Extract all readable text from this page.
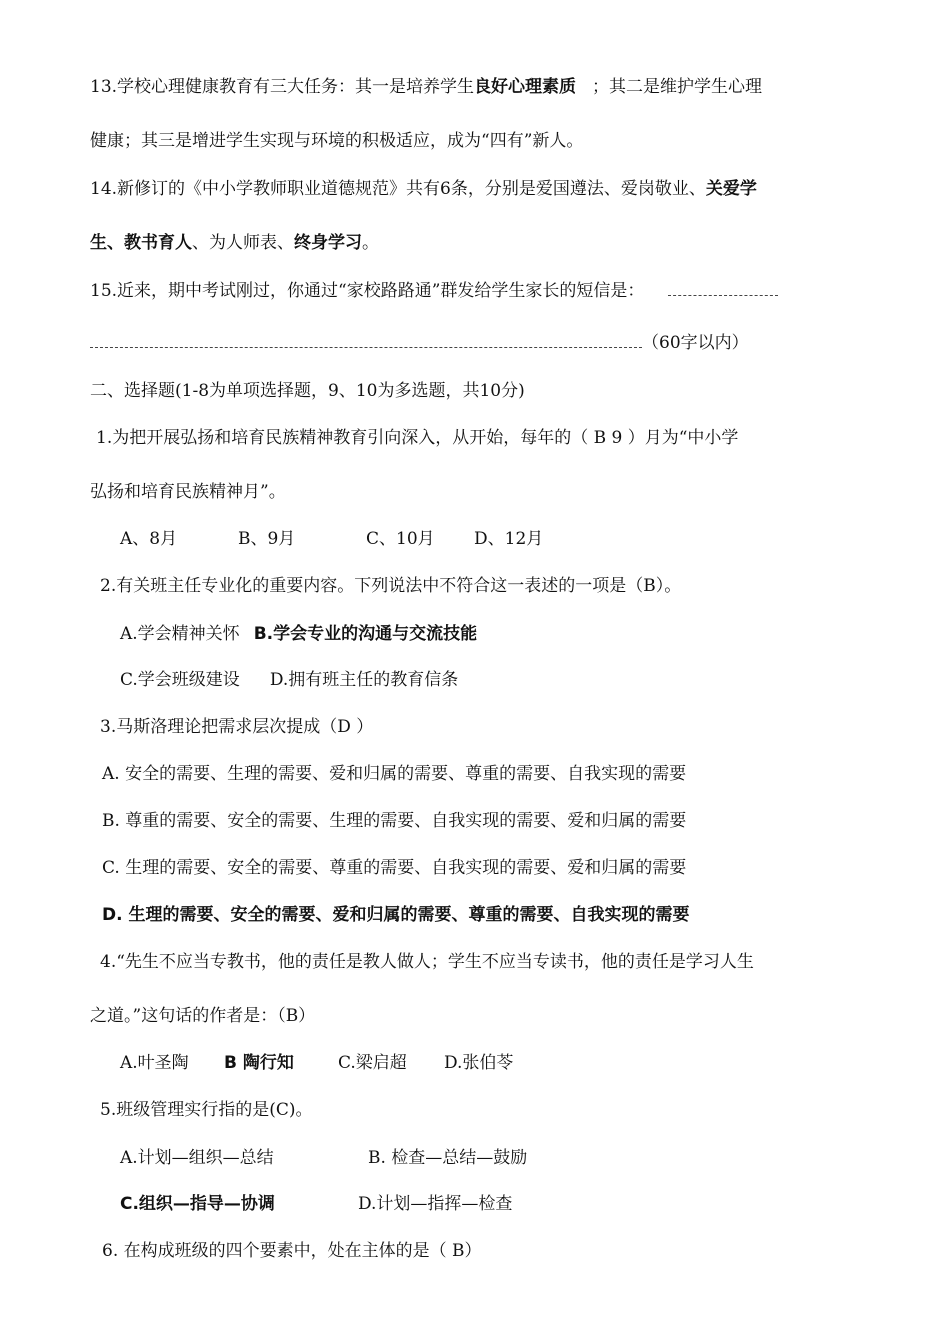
13.学校心理健康教育有三大任务：其一是培养学生良好心理素质 ；其二是维护学生心理
健康；其三是增进学生实现与环境的积极适应，成为“四有”新人。
14.新修订的《中小学教师职业道德规范》共有6条，分别是爱国遵法、爱岗敬业、关爱学
生、教书育人、为人师表、终身学习。
15.近来，期中考试刚过，你通过“家校路路通”群发给学生家长的短信是：
（60字以内）
二、选择题(1-8为单项选择题，9、10为多选题，共10分)
1.为把开展弘扬和培育民族精神教育引向深入，从开始，每年的（ B 9 ）月为“中小学
弘扬和培育民族精神月”。
A、8月	B、9月	C、10月 D、12月
2.有关班主任专业化的重要内容。下列说法中不符合这一表述的一项是（B）。
A.学会精神关怀 B.学会专业的沟通与交流技能
C.学会班级建设 D.拥有班主任的教育信条
3.马斯洛理论把需求层次提成（D ）
A. 安全的需要、生理的需要、爱和归属的需要、尊重的需要、自我实现的需要
B. 尊重的需要、安全的需要、生理的需要、自我实现的需要、爱和归属的需要
C. 生理的需要、安全的需要、尊重的需要、自我实现的需要、爱和归属的需要
D. 生理的需要、安全的需要、爱和归属的需要、尊重的需要、自我实现的需要
4.“先生不应当专教书，他的责任是教人做人；学生不应当专读书，他的责任是学习人生
之道。”这句话的作者是：（B）
A.叶圣陶 B 陶行知	C.梁启超 D.张伯苓
5.班级管理实行指的是(C)。
A.计划—组织—总结	B. 检查—总结—鼓励
C.组织—指导—协调	D.计划—指挥—检查
6. 在构成班级的四个要素中，处在主体的是（ B）
